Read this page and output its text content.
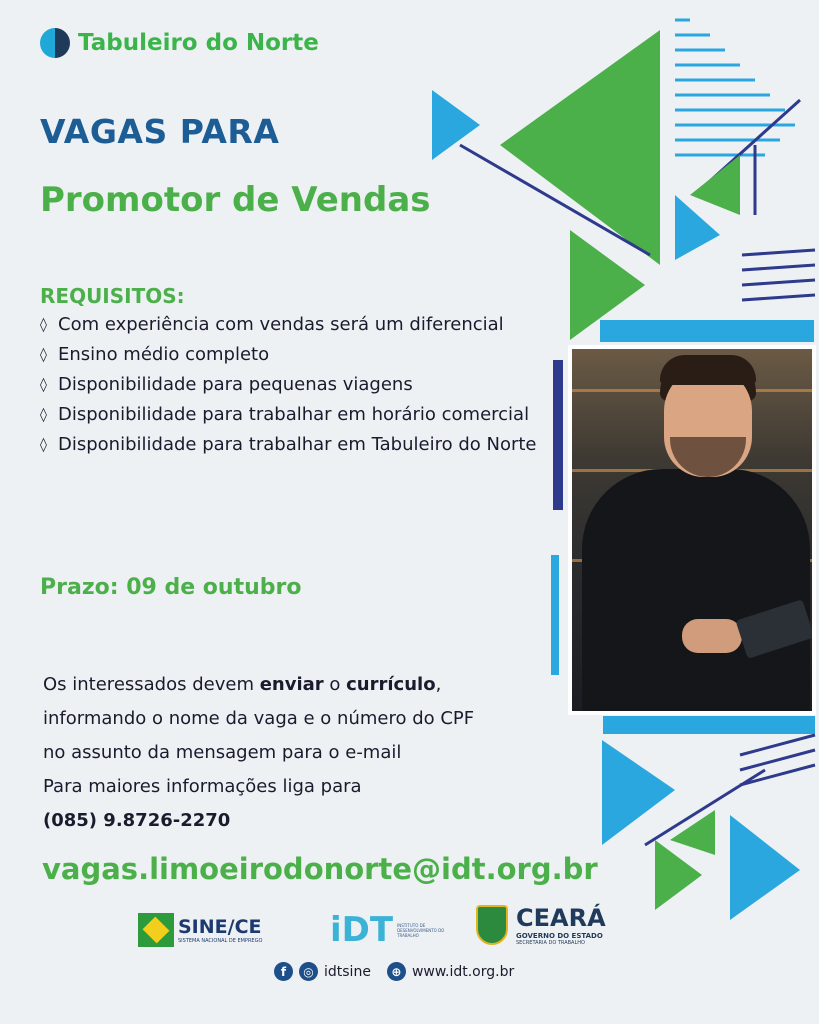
Tabuleiro do Norte
VAGAS PARA
Promotor de Vendas
REQUISITOS:
◊ Com experiência com vendas será um diferencial
◊ Ensino médio completo
◊ Disponibilidade para pequenas viagens
◊ Disponibilidade para trabalhar em horário comercial
◊ Disponibilidade para trabalhar em Tabuleiro do Norte
Prazo: 09 de outubro
Os interessados devem enviar o currículo,
informando o nome da vaga e o número do CPF
no assunto da mensagem para o e-mail
Para maiores informações liga para
(085) 9.8726-2270
vagas.limoeirodonorte@idt.org.br
SINE/CE
SISTEMA NACIONAL DE EMPREGO iDT INSTITUTO DE DESENVOLVIMENTO DO TRABALHO
CEARÁ
GOVERNO DO ESTADO
SECRETARIA DO TRABALHO
f	◎ idtsine	⊕ www.idt.org.br
